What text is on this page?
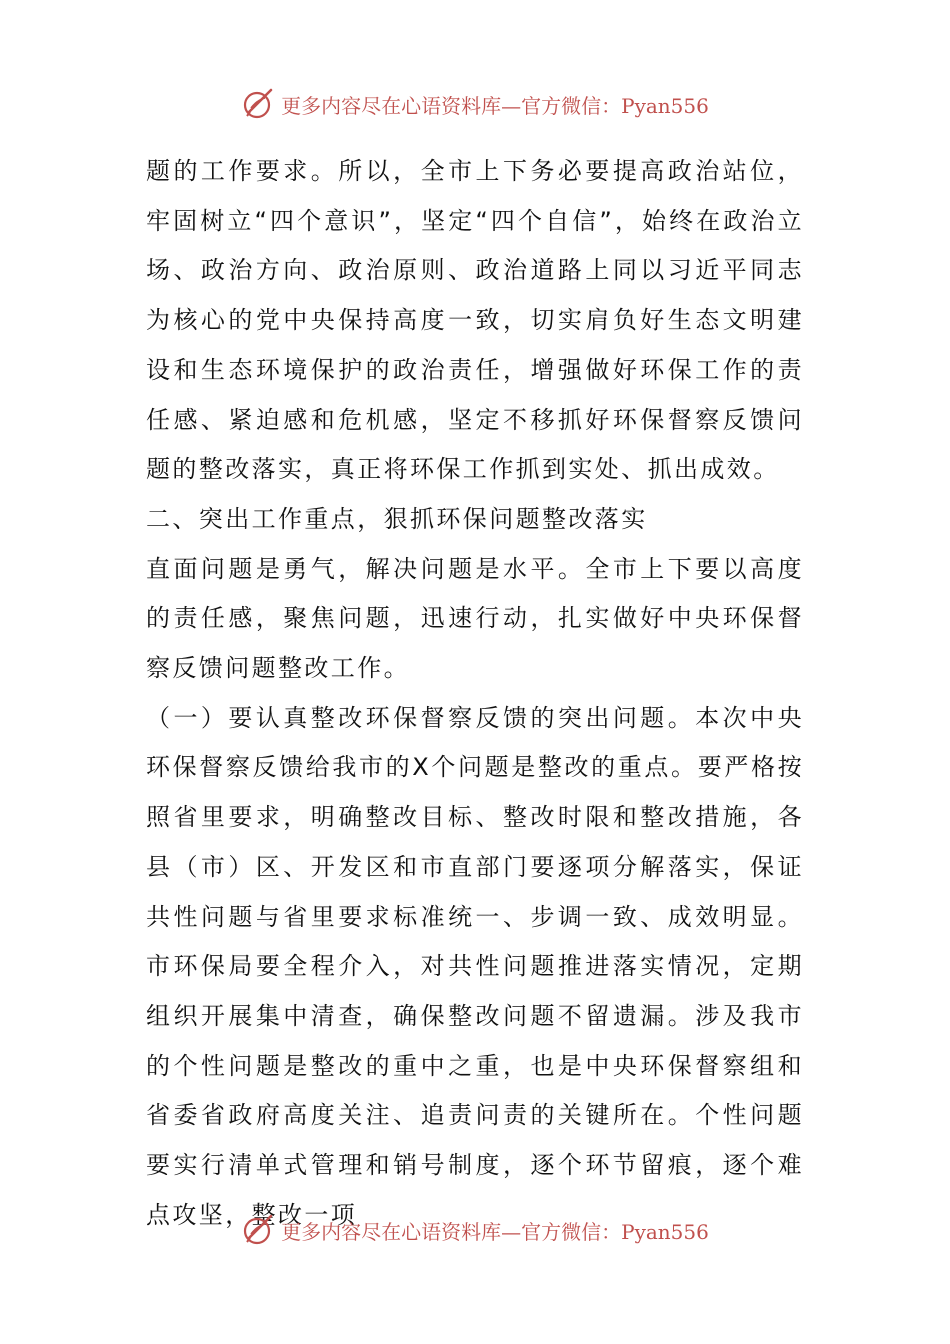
更多内容尽在心语资料库—官方微信：Pyan556

题的工作要求。所以，全市上下务必要提高政治站位，牢固树立“四个意识”，坚定“四个自信”，始终在政治立场、政治方向、政治原则、政治道路上同以习近平同志为核心的党中央保持高度一致，切实肩负好生态文明建设和生态环境保护的政治责任，增强做好环保工作的责任感、紧迫感和危机感，坚定不移抓好环保督察反馈问题的整改落实，真正将环保工作抓到实处、抓出成效。

二、突出工作重点，狠抓环保问题整改落实

直面问题是勇气，解决问题是水平。全市上下要以高度的责任感，聚焦问题，迅速行动，扎实做好中央环保督察反馈问题整改工作。

（一）要认真整改环保督察反馈的突出问题。本次中央环保督察反馈给我市的X个问题是整改的重点。要严格按照省里要求，明确整改目标、整改时限和整改措施，各县（市）区、开发区和市直部门要逐项分解落实，保证共性问题与省里要求标准统一、步调一致、成效明显。市环保局要全程介入，对共性问题推进落实情况，定期组织开展集中清查，确保整改问题不留遗漏。涉及我市的个性问题是整改的重中之重，也是中央环保督察组和省委省政府高度关注、追责问责的关键所在。个性问题要实行清单式管理和销号制度，逐个环节留痕，逐个难点攻坚，整改一项

更多内容尽在心语资料库—官方微信：Pyan556
